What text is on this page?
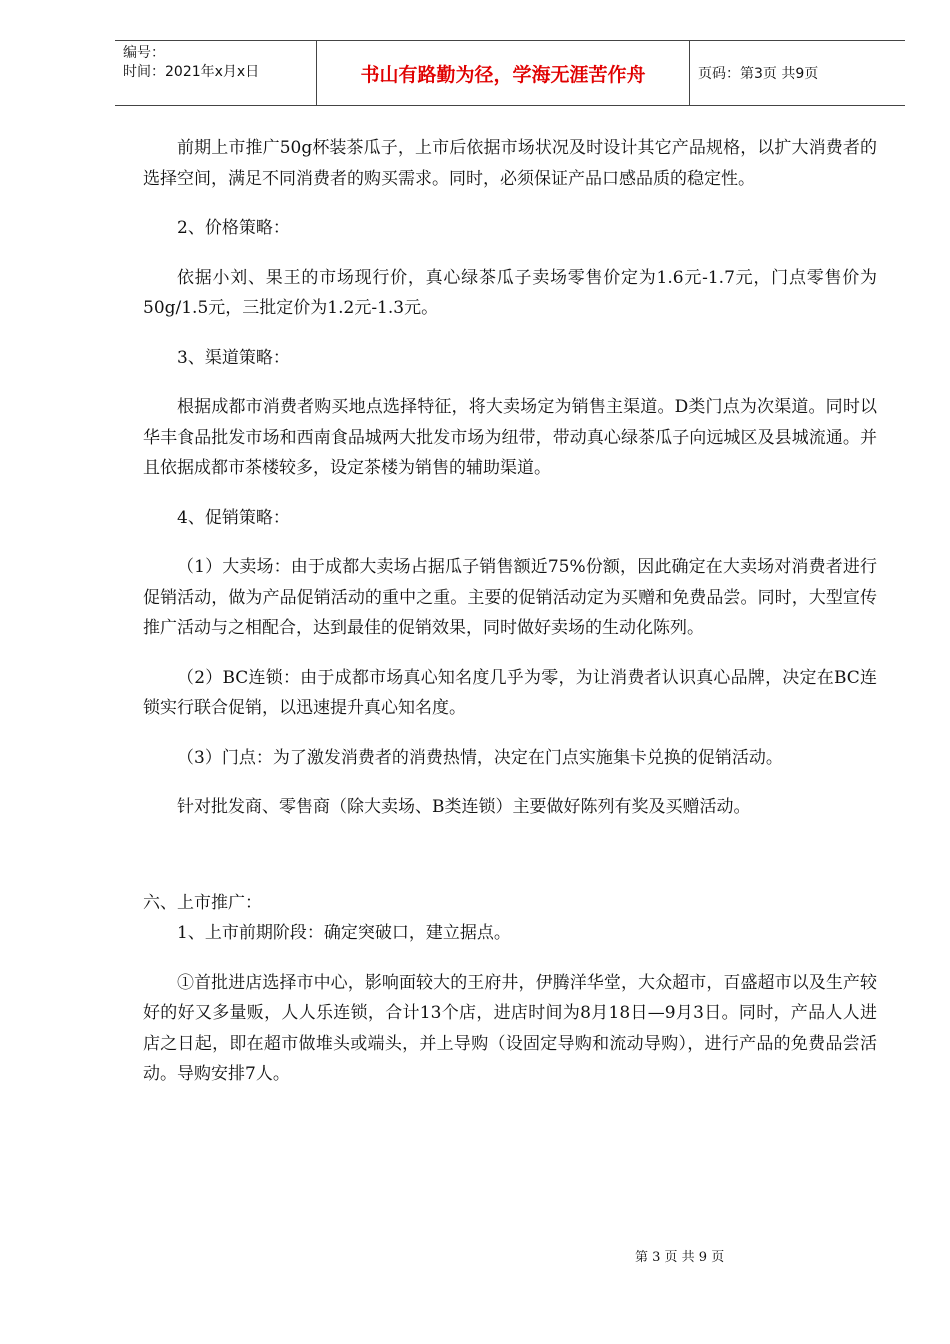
编号：
时间：2021年x月x日	书山有路勤为径，学海无涯苦作舟	页码：第3页 共9页

前期上市推广50g杯装茶瓜子，上市后依据市场状况及时设计其它产品规格，以扩大消费者的选择空间，满足不同消费者的购买需求。同时，必须保证产品口感品质的稳定性。

2、价格策略：

依据小刘、果王的市场现行价，真心绿茶瓜子卖场零售价定为1.6元-1.7元，门点零售价为50g/1.5元，三批定价为1.2元-1.3元。

3、渠道策略：

根据成都市消费者购买地点选择特征，将大卖场定为销售主渠道。D类门点为次渠道。同时以华丰食品批发市场和西南食品城两大批发市场为纽带，带动真心绿茶瓜子向远城区及县城流通。并且依据成都市茶楼较多，设定茶楼为销售的辅助渠道。

4、促销策略：

（1）大卖场：由于成都大卖场占据瓜子销售额近75%份额，因此确定在大卖场对消费者进行促销活动，做为产品促销活动的重中之重。主要的促销活动定为买赠和免费品尝。同时，大型宣传推广活动与之相配合，达到最佳的促销效果，同时做好卖场的生动化陈列。

（2）BC连锁：由于成都市场真心知名度几乎为零，为让消费者认识真心品牌，决定在BC连锁实行联合促销，以迅速提升真心知名度。

（3）门点：为了激发消费者的消费热情，决定在门点实施集卡兑换的促销活动。

针对批发商、零售商（除大卖场、B类连锁）主要做好陈列有奖及买赠活动。

六、上市推广：

1、上市前期阶段：确定突破口，建立据点。

①首批进店选择市中心，影响面较大的王府井，伊腾洋华堂，大众超市，百盛超市以及生产较好的好又多量贩，人人乐连锁，合计13个店，进店时间为8月18日—9月3日。同时，产品人人进店之日起，即在超市做堆头或端头，并上导购（设固定导购和流动导购），进行产品的免费品尝活动。导购安排7人。

第 3 页 共 9 页
